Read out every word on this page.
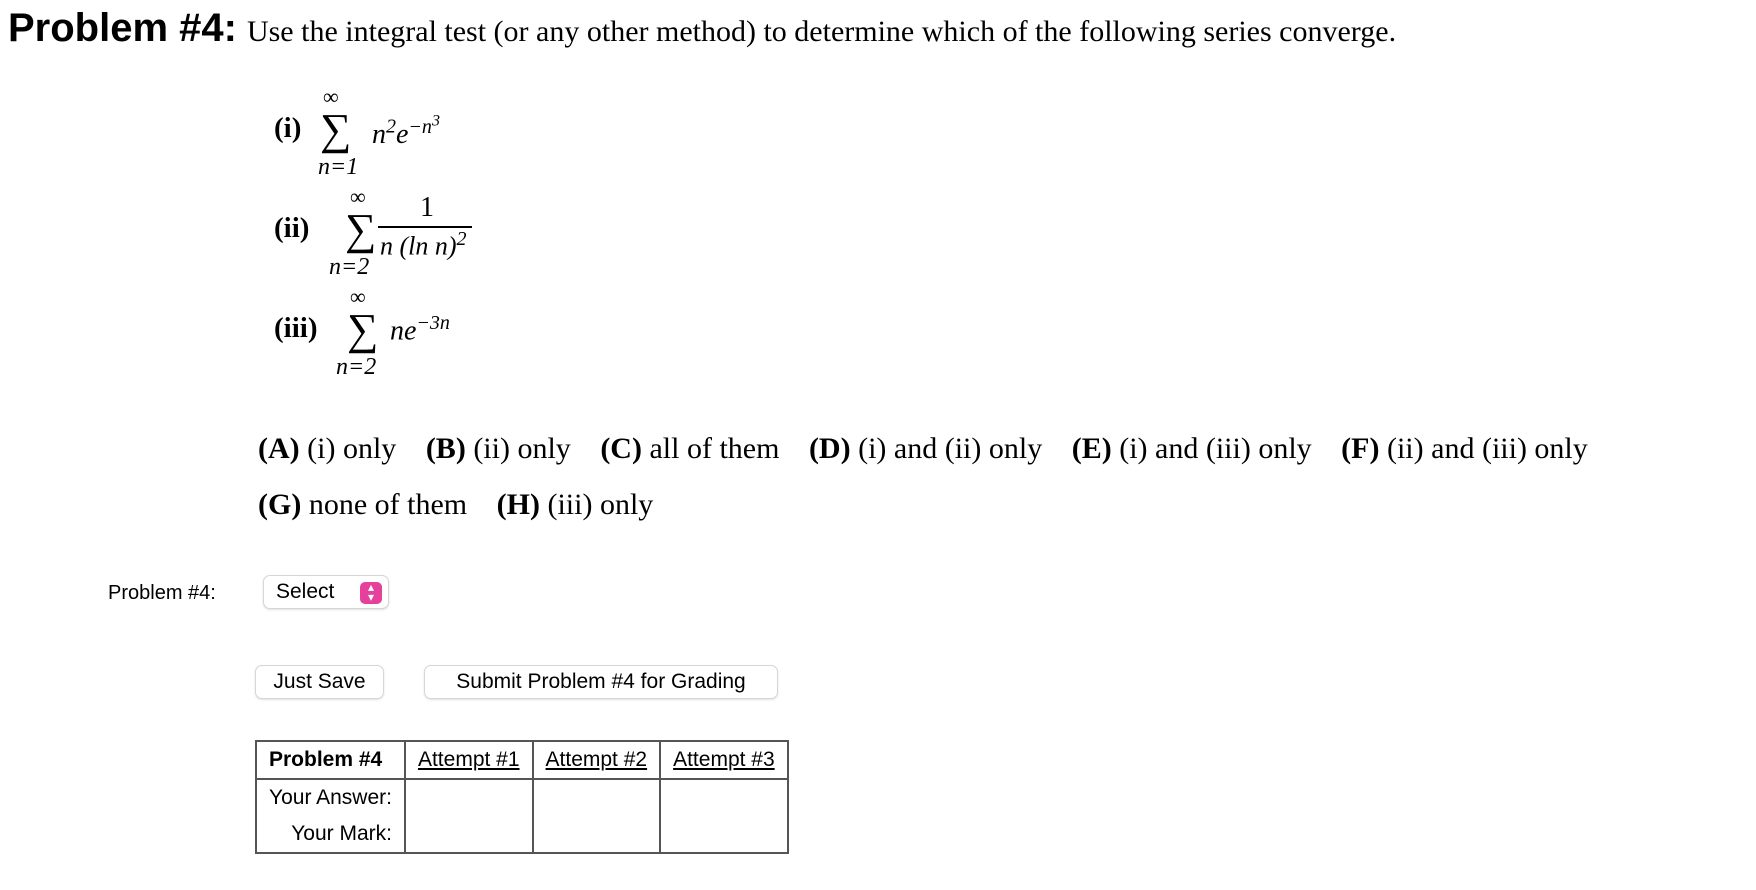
Problem #4: Use the integral test (or any other method) to determine which of the following series converge.
(i)
∞
∑
n=1
$n^2e^{-n^3}$
(ii)
∞
∑
n=2
1
n (ln n)$^2$
(iii)
∞
∑
n=2
$ne^{-3n}$
(A) (i) only (B) (ii) only (C) all of them (D) (i) and (ii) only (E) (i) and (iii) only (F) (ii) and (iii) only
(G) none of them (H) (iii) only
Problem #4:	Select	▴
▾
Just Save	Submit Problem #4 for Grading
Problem #4	Attempt #1	Attempt #2	Attempt #3
Your Answer:			
Your Mark:			
